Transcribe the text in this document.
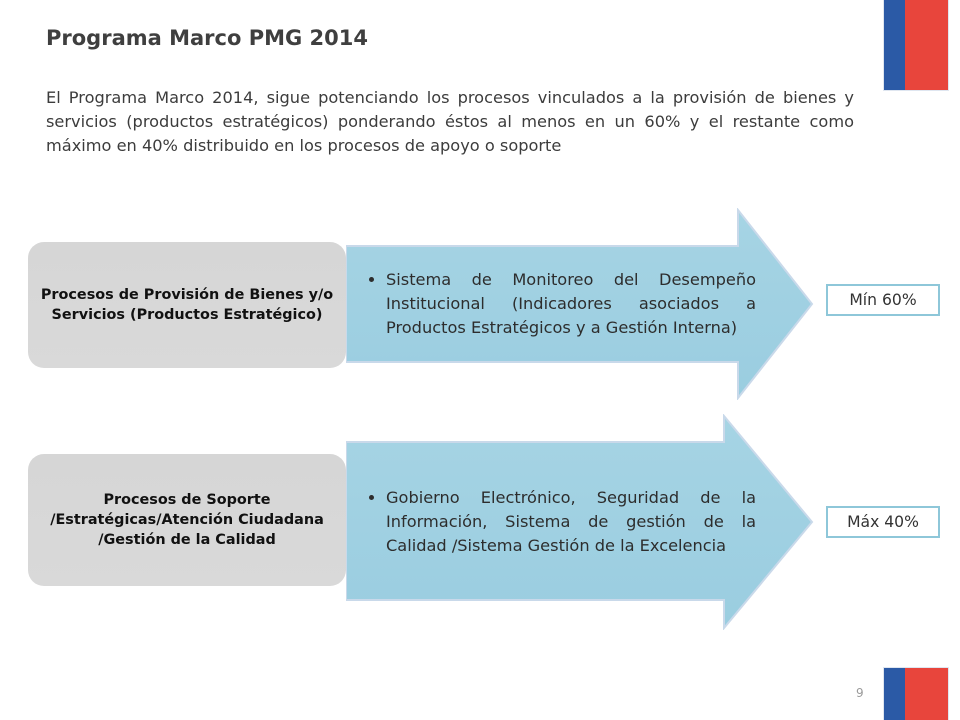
Programa Marco PMG 2014

El Programa Marco 2014, sigue potenciando los procesos vinculados a la provisión de bienes y servicios (productos estratégicos) ponderando éstos al menos en un 60% y el restante como máximo en 40% distribuido en los procesos de apoyo o soporte

• Sistema de Monitoreo del Desempeño Institucional (Indicadores asociados a Productos Estratégicos y a Gestión Interna)
Procesos de Provisión de Bienes y/o Servicios (Productos Estratégico)
Mín 60%
• Gobierno Electrónico, Seguridad de la Información, Sistema de gestión de la Calidad /Sistema Gestión de la Excelencia
Procesos de Soporte /Estratégicas/Atención Ciudadana /Gestión de la Calidad
Máx 40%
9
